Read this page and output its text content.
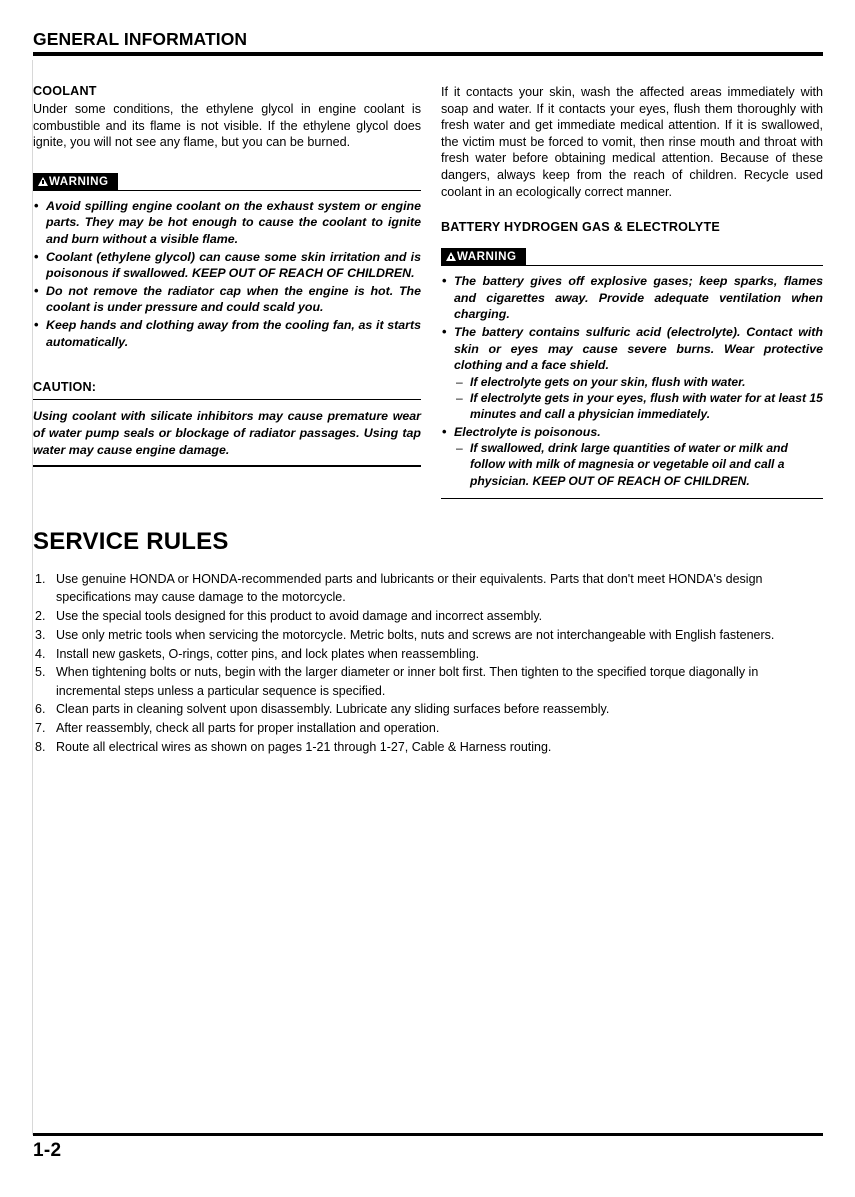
GENERAL INFORMATION
COOLANT

Under some conditions, the ethylene glycol in engine coolant is combustible and its flame is not visible. If the ethylene glycol does ignite, you will not see any flame, but you can be burned.

WARNING
• Avoid spilling engine coolant on the exhaust system or engine parts. They may be hot enough to cause the coolant to ignite and burn without a visible flame.
• Coolant (ethylene glycol) can cause some skin irritation and is poisonous if swallowed. KEEP OUT OF REACH OF CHILDREN.
• Do not remove the radiator cap when the engine is hot. The coolant is under pressure and could scald you.
• Keep hands and clothing away from the cooling fan, as it starts automatically.
CAUTION:
Using coolant with silicate inhibitors may cause premature wear of water pump seals or blockage of radiator passages. Using tap water may cause engine damage.

If it contacts your skin, wash the affected areas immediately with soap and water. If it contacts your eyes, flush them thoroughly with fresh water and get immediate medical attention. If it is swallowed, the victim must be forced to vomit, then rinse mouth and throat with fresh water before obtaining medical attention. Because of these dangers, always keep from the reach of children. Recycle used coolant in an ecologically correct manner.

BATTERY HYDROGEN GAS & ELECTROLYTE
WARNING
• The battery gives off explosive gases; keep sparks, flames and cigarettes away. Provide adequate ventilation when charging.
• The battery contains sulfuric acid (electrolyte). Contact with skin or eyes may cause severe burns. Wear protective clothing and a face shield.
– If electrolyte gets on your skin, flush with water.
– If electrolyte gets in your eyes, flush with water for at least 15 minutes and call a physician immediately.
• Electrolyte is poisonous.
– If swallowed, drink large quantities of water or milk and follow with milk of magnesia or vegetable oil and call a physician. KEEP OUT OF REACH OF CHILDREN.
SERVICE RULES
Use genuine HONDA or HONDA-recommended parts and lubricants or their equivalents. Parts that don't meet HONDA's design specifications may cause damage to the motorcycle.
Use the special tools designed for this product to avoid damage and incorrect assembly.
Use only metric tools when servicing the motorcycle. Metric bolts, nuts and screws are not interchangeable with English fasteners.
Install new gaskets, O-rings, cotter pins, and lock plates when reassembling.
When tightening bolts or nuts, begin with the larger diameter or inner bolt first. Then tighten to the specified torque diagonally in incremental steps unless a particular sequence is specified.
Clean parts in cleaning solvent upon disassembly. Lubricate any sliding surfaces before reassembly.
After reassembly, check all parts for proper installation and operation.
Route all electrical wires as shown on pages 1-21 through 1-27, Cable & Harness routing.
1-2
